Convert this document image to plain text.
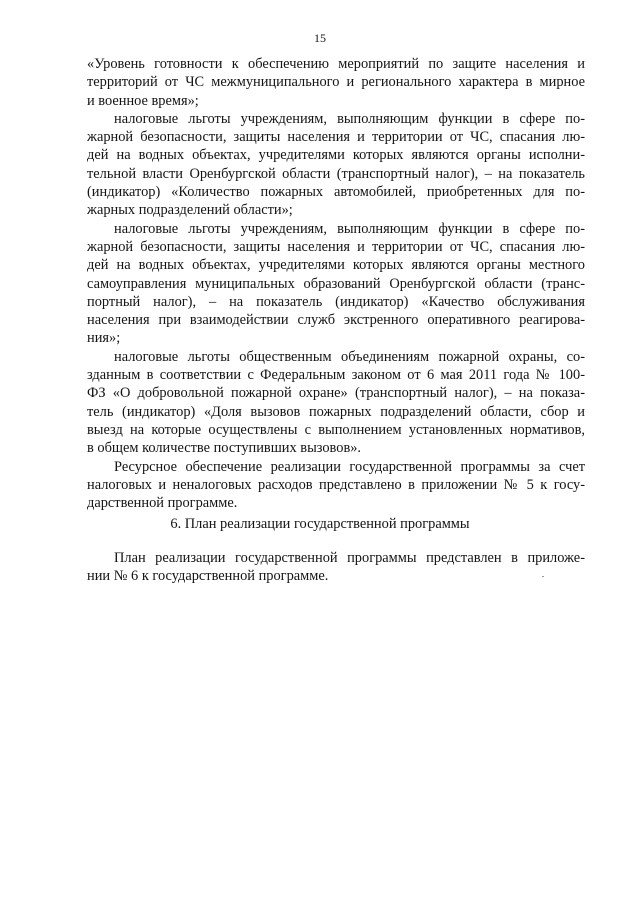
15
«Уровень готовности к обеспечению мероприятий по защите населения и
территорий от ЧС межмуниципального и регионального характера в мирное
и военное время»;
налоговые льготы учреждениям, выполняющим функции в сфере по-
жарной безопасности, защиты населения и территории от ЧС, спасания лю-
дей на водных объектах, учредителями которых являются органы исполни-
тельной власти Оренбургской области (транспортный налог), – на показатель
(индикатор) «Количество пожарных автомобилей, приобретенных для по-
жарных подразделений области»;
налоговые льготы учреждениям, выполняющим функции в сфере по-
жарной безопасности, защиты населения и территории от ЧС, спасания лю-
дей на водных объектах, учредителями которых являются органы местного
самоуправления муниципальных образований Оренбургской области (транс-
портный налог), – на показатель (индикатор) «Качество обслуживания
населения при взаимодействии служб экстренного оперативного реагирова-
ния»;
налоговые льготы общественным объединениям пожарной охраны, со-
зданным в соответствии с Федеральным законом от 6 мая 2011 года № 100-
ФЗ «О добровольной пожарной охране» (транспортный налог), – на показа-
тель (индикатор) «Доля вызовов пожарных подразделений области, сбор и
выезд на которые осуществлены с выполнением установленных нормативов,
в общем количестве поступивших вызовов».
Ресурсное обеспечение реализации государственной программы за счет
налоговых и неналоговых расходов представлено в приложении № 5 к госу-
дарственной программе.
6. План реализации государственной программы
План реализации государственной программы представлен в приложе-
нии № 6 к государственной программе.
